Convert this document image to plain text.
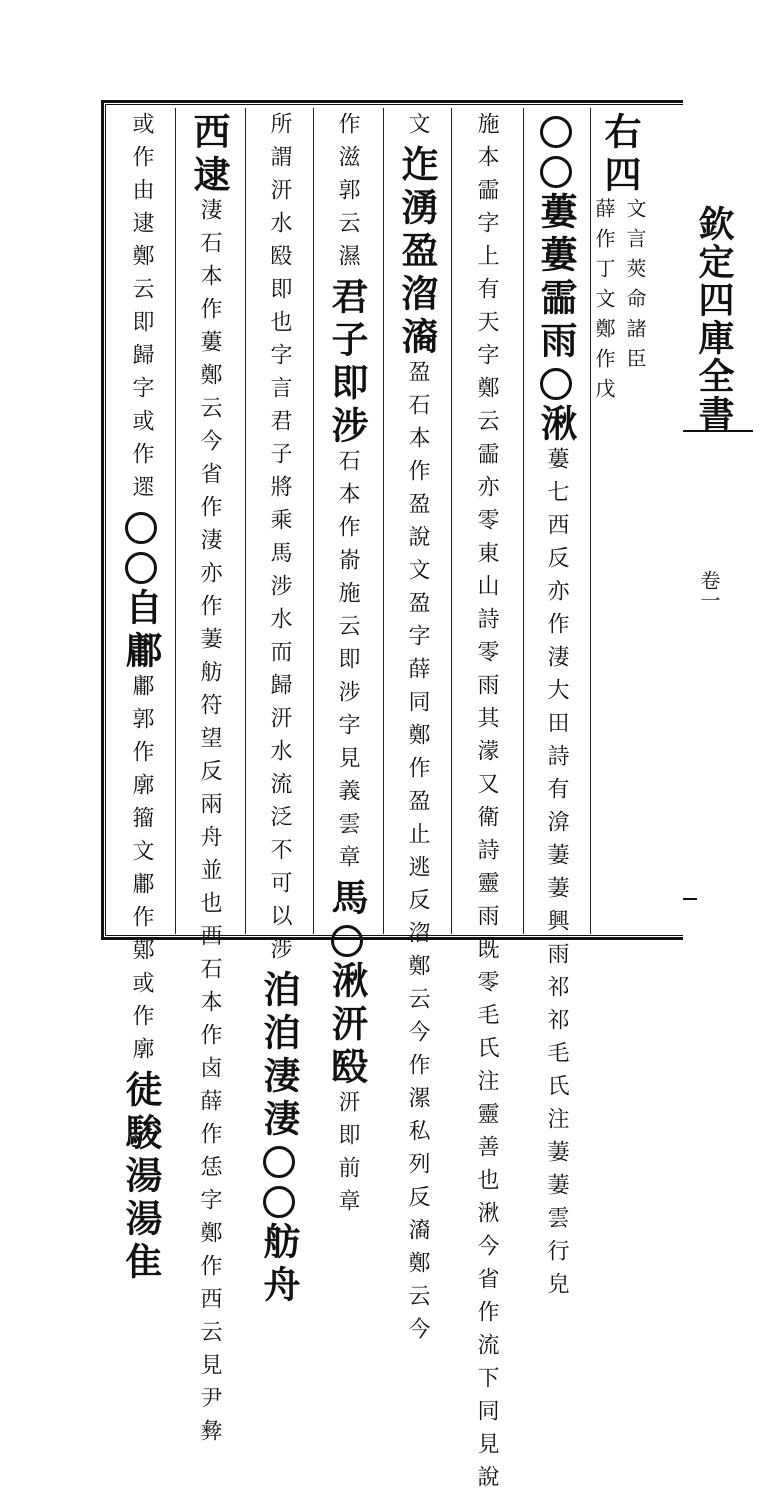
右四
文言莢命諸臣
薛作丁文鄭作戊
蔞蔞霝雨
湫
蔞七西反亦作淒大田詩有渰萋萋興雨祁祁毛氏注萋萋雲行皃
施本霝字上有天字鄭云霝亦零東山詩零雨其濛又衛詩靈雨既零毛氏注靈善也湫今省作流下同見說
文
迮湧盈㳷㵝
盈石本作盈說文盈字薛同鄭作盈止逃反㳷鄭云今作漯私列反㵝鄭云今
作滋郭云濕
君子即涉
石本作嵛施云即涉字見義雲章
馬
湫汧殹
汧即前章
所謂汧水殹即也字言君子將乘馬涉水而歸汧水流泛不可以涉
洎洎淒淒
舫舟
西逮
淒石本作蔞鄭云今省作淒亦作萋舫符望反兩舟並也西石本作卤薛作恁字鄭作西云見尹彜
或作由逮鄭云即歸字或作遝
自鄘
鄘郭作廓籀文鄘作鄚或作廓
徒駿湯湯隹
欽定四庫全書
卷一
